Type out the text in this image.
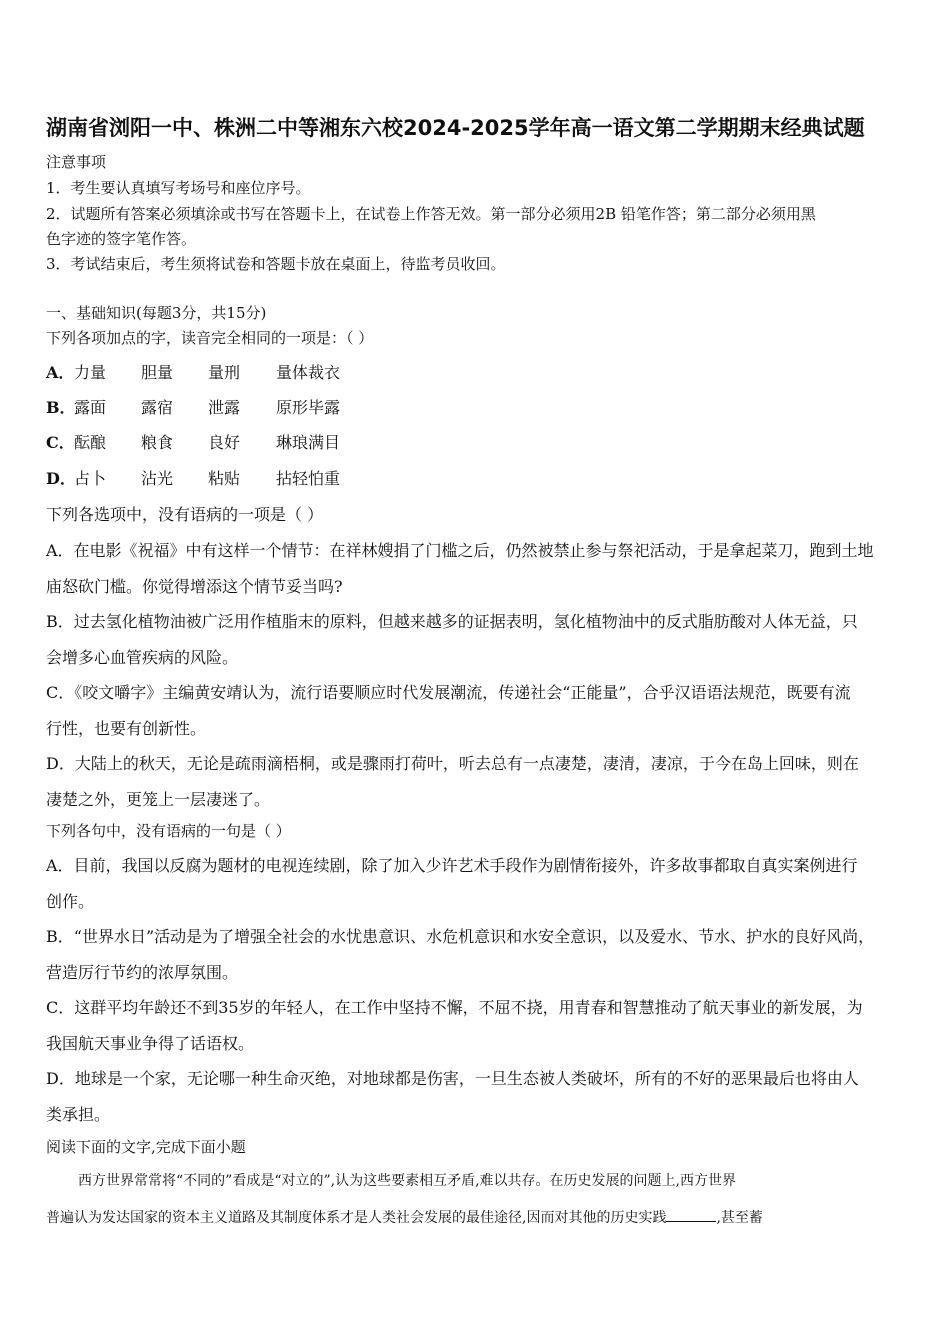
湖南省浏阳一中、株洲二中等湘东六校2024-2025学年高一语文第二学期期末经典试题
注意事项
1．考生要认真填写考场号和座位序号。
2．试题所有答案必须填涂或书写在答题卡上，在试卷上作答无效。第一部分必须用2B 铅笔作答；第二部分必须用黑
色字迹的签字笔作答。
3．考试结束后，考生须将试卷和答题卡放在桌面上，待监考员收回。
一、基础知识(每题3分，共15分)
下列各项加点的字，读音完全相同的一项是：（ ）
A． 力量 胆量 量刑 量体裁衣
B．
露面 露宿 泄露 原形毕露
C． 酝酿 粮食 良好 琳琅满目
D．
占卜 沾光 粘贴 拈轻怕重
下列各选项中，没有语病的一项是（ ）
A．在电影《祝福》中有这样一个情节：在祥林嫂捐了门槛之后，仍然被禁止参与祭祀活动，于是拿起菜刀，跑到土地
庙怒砍门槛。你觉得增添这个情节妥当吗?
B．过去氢化植物油被广泛用作植脂末的原料，但越来越多的证据表明，氢化植物油中的反式脂肪酸对人体无益，只
会增多心血管疾病的风险。
C．《咬文嚼字》主编黄安靖认为，流行语要顺应时代发展潮流，传递社会“正能量”，合乎汉语语法规范，既要有流
行性，也要有创新性。
D．大陆上的秋天，无论是疏雨滴梧桐，或是骤雨打荷叶，听去总有一点凄楚，凄清，凄凉，于今在岛上回味，则在
凄楚之外，更笼上一层凄迷了。
下列各句中，没有语病的一句是（ ）
A．目前，我国以反腐为题材的电视连续剧，除了加入少许艺术手段作为剧情衔接外，许多故事都取自真实案例进行
创作。
B．“世界水日”活动是为了增强全社会的水忧患意识、水危机意识和水安全意识，以及爱水、节水、护水的良好风尚，
营造厉行节约的浓厚氛围。
C．这群平均年龄还不到35岁的年轻人，在工作中坚持不懈，不屈不挠，用青春和智慧推动了航天事业的新发展，为
我国航天事业争得了话语权。
D．地球是一个家，无论哪一种生命灭绝，对地球都是伤害，一旦生态被人类破坏，所有的不好的恶果最后也将由人
类承担。
阅读下面的文字,完成下面小题
西方世界常常将“不同的”看成是“对立的”,认为这些要素相互矛盾,难以共存。在历史发展的问题上,西方世界
普遍认为发达国家的资本主义道路及其制度体系才是人类社会发展的最佳途径,因而对其他的历史实践	,甚至蓄
